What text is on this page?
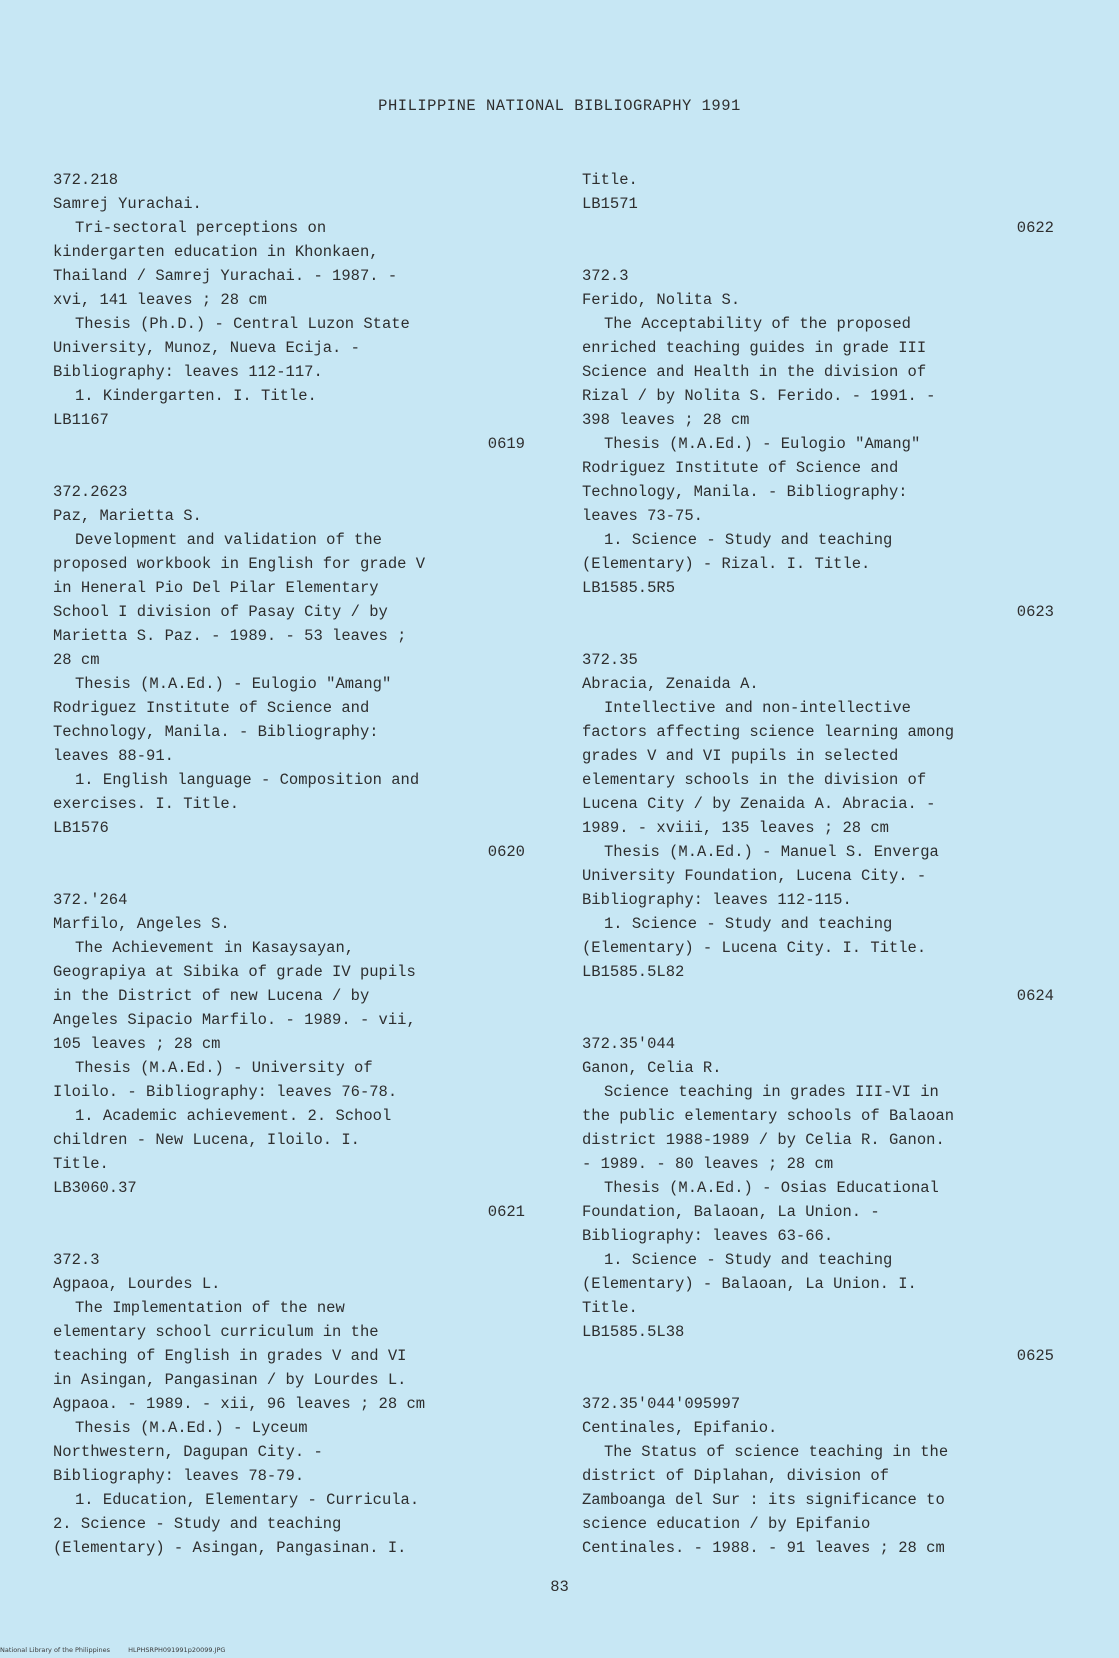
PHILIPPINE NATIONAL BIBLIOGRAPHY 1991
372.218
Samrej Yurachai.
Tri-sectoral perceptions on
kindergarten education in Khonkaen,
Thailand / Samrej Yurachai. - 1987. -
xvi, 141 leaves ; 28 cm
Thesis (Ph.D.) - Central Luzon State
University, Munoz, Nueva Ecija. -
Bibliography: leaves 112-117.
1. Kindergarten. I. Title.
LB1167
0619
372.2623
Paz, Marietta S.
Development and validation of the
proposed workbook in English for grade V
in Heneral Pio Del Pilar Elementary
School I division of Pasay City / by
Marietta S. Paz. - 1989. - 53 leaves ;
28 cm
Thesis (M.A.Ed.) - Eulogio "Amang"
Rodriguez Institute of Science and
Technology, Manila. - Bibliography:
leaves 88-91.
1. English language - Composition and
exercises. I. Title.
LB1576
0620
372.'264
Marfilo, Angeles S.
The Achievement in Kasaysayan,
Geograpiya at Sibika of grade IV pupils
in the District of new Lucena / by
Angeles Sipacio Marfilo. - 1989. - vii,
105 leaves ; 28 cm
Thesis (M.A.Ed.) - University of
Iloilo. - Bibliography: leaves 76-78.
1. Academic achievement. 2. School
children - New Lucena, Iloilo. I.
Title.
LB3060.37
0621
372.3
Agpaoa, Lourdes L.
The Implementation of the new
elementary school curriculum in the
teaching of English in grades V and VI
in Asingan, Pangasinan / by Lourdes L.
Agpaoa. - 1989. - xii, 96 leaves ; 28 cm
Thesis (M.A.Ed.) - Lyceum
Northwestern, Dagupan City. -
Bibliography: leaves 78-79.
1. Education, Elementary - Curricula.
2. Science - Study and teaching
(Elementary) - Asingan, Pangasinan. I.
Title.
LB1571
0622
372.3
Ferido, Nolita S.
The Acceptability of the proposed
enriched teaching guides in grade III
Science and Health in the division of
Rizal / by Nolita S. Ferido. - 1991. -
398 leaves ; 28 cm
Thesis (M.A.Ed.) - Eulogio "Amang"
Rodriguez Institute of Science and
Technology, Manila. - Bibliography:
leaves 73-75.
1. Science - Study and teaching
(Elementary) - Rizal. I. Title.
LB1585.5R5
0623
372.35
Abracia, Zenaida A.
Intellective and non-intellective
factors affecting science learning among
grades V and VI pupils in selected
elementary schools in the division of
Lucena City / by Zenaida A. Abracia. -
1989. - xviii, 135 leaves ; 28 cm
Thesis (M.A.Ed.) - Manuel S. Enverga
University Foundation, Lucena City. -
Bibliography: leaves 112-115.
1. Science - Study and teaching
(Elementary) - Lucena City. I. Title.
LB1585.5L82
0624
372.35'044
Ganon, Celia R.
Science teaching in grades III-VI in
the public elementary schools of Balaoan
district 1988-1989 / by Celia R. Ganon.
- 1989. - 80 leaves ; 28 cm
Thesis (M.A.Ed.) - Osias Educational
Foundation, Balaoan, La Union. -
Bibliography: leaves 63-66.
1. Science - Study and teaching
(Elementary) - Balaoan, La Union. I.
Title.
LB1585.5L38
0625
372.35'044'095997
Centinales, Epifanio.
The Status of science teaching in the
district of Diplahan, division of
Zamboanga del Sur : its significance to
science education / by Epifanio
Centinales. - 1988. - 91 leaves ; 28 cm
83
National Library of the Philippines	HLPHSRPH091991p20099.JPG
